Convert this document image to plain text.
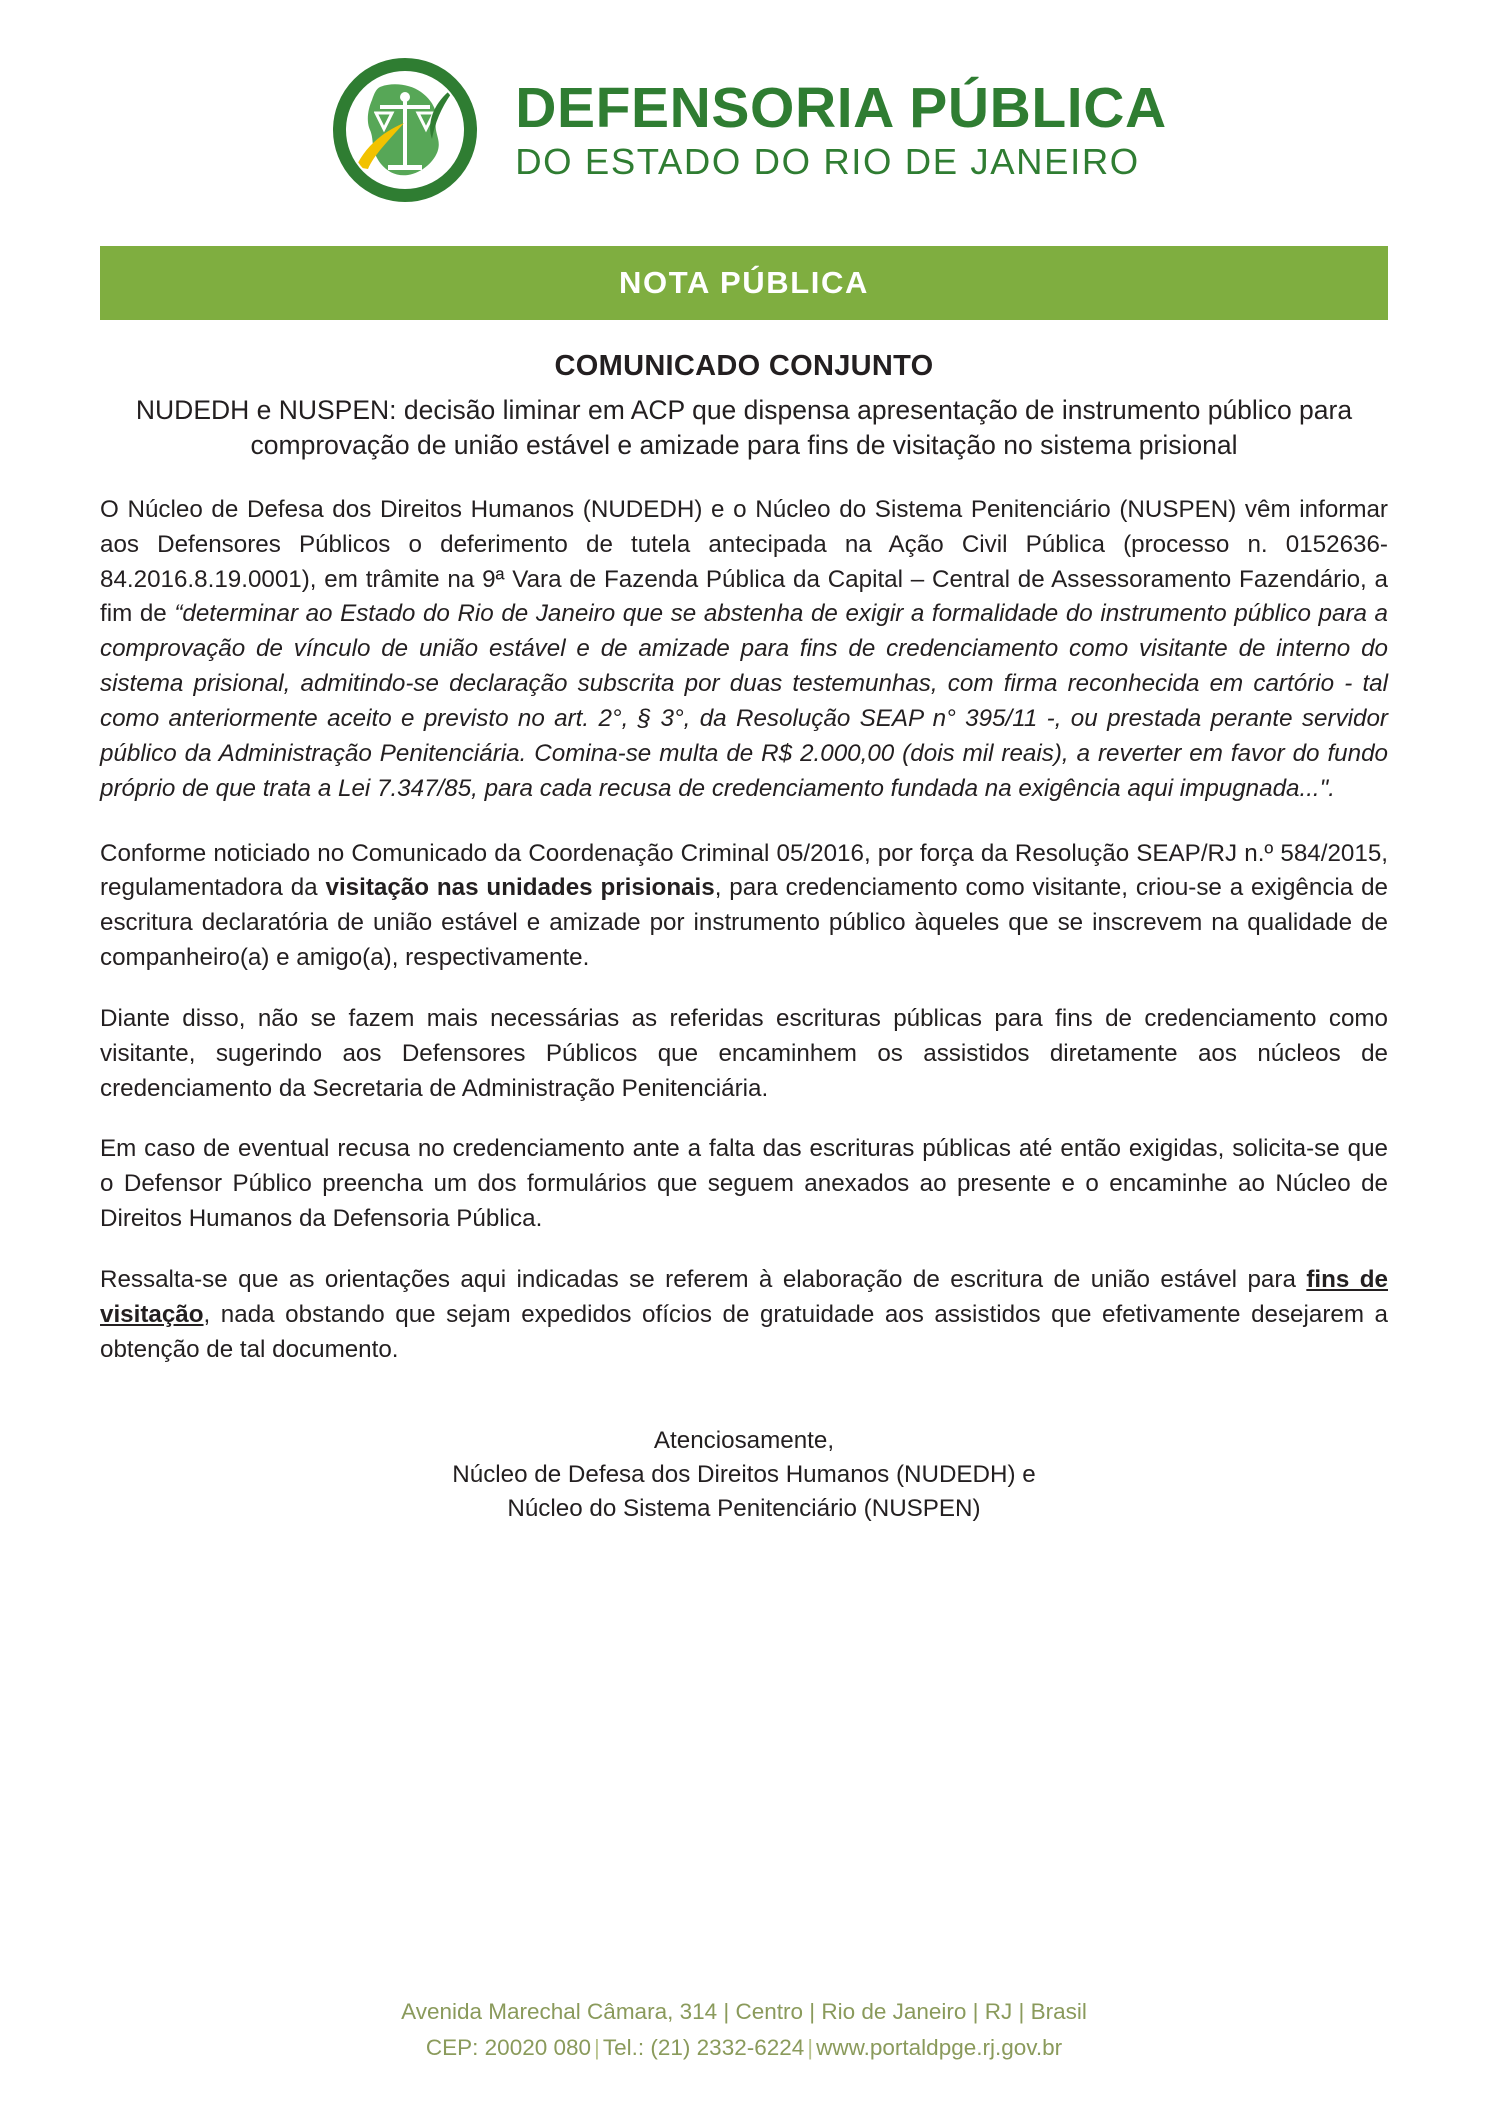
DEFENSORIA PÚBLICA
DO ESTADO DO RIO DE JANEIRO
NOTA PÚBLICA
COMUNICADO CONJUNTO
NUDEDH e NUSPEN: decisão liminar em ACP que dispensa apresentação de instrumento público para comprovação de união estável e amizade para fins de visitação no sistema prisional

O Núcleo de Defesa dos Direitos Humanos (NUDEDH) e o Núcleo do Sistema Penitenciário (NUSPEN) vêm informar aos Defensores Públicos o deferimento de tutela antecipada na Ação Civil Pública (processo n. 0152636-84.2016.8.19.0001), em trâmite na 9ª Vara de Fazenda Pública da Capital – Central de Assessoramento Fazendário, a fim de “determinar ao Estado do Rio de Janeiro que se abstenha de exigir a formalidade do instrumento público para a comprovação de vínculo de união estável e de amizade para fins de credenciamento como visitante de interno do sistema prisional, admitindo-se declaração subscrita por duas testemunhas, com firma reconhecida em cartório - tal como anteriormente aceito e previsto no art. 2°, § 3°, da Resolução SEAP n° 395/11 -, ou prestada perante servidor público da Administração Penitenciária. Comina-se multa de R$ 2.000,00 (dois mil reais), a reverter em favor do fundo próprio de que trata a Lei 7.347/85, para cada recusa de credenciamento fundada na exigência aqui impugnada...".

Conforme noticiado no Comunicado da Coordenação Criminal 05/2016, por força da Resolução SEAP/RJ n.º 584/2015, regulamentadora da visitação nas unidades prisionais, para credenciamento como visitante, criou-se a exigência de escritura declaratória de união estável e amizade por instrumento público àqueles que se inscrevem na qualidade de companheiro(a) e amigo(a), respectivamente.

Diante disso, não se fazem mais necessárias as referidas escrituras públicas para fins de credenciamento como visitante, sugerindo aos Defensores Públicos que encaminhem os assistidos diretamente aos núcleos de credenciamento da Secretaria de Administração Penitenciária.

Em caso de eventual recusa no credenciamento ante a falta das escrituras públicas até então exigidas, solicita-se que o Defensor Público preencha um dos formulários que seguem anexados ao presente e o encaminhe ao Núcleo de Direitos Humanos da Defensoria Pública.

Ressalta-se que as orientações aqui indicadas se referem à elaboração de escritura de união estável para fins de visitação, nada obstando que sejam expedidos ofícios de gratuidade aos assistidos que efetivamente desejarem a obtenção de tal documento.

Atenciosamente,
Núcleo de Defesa dos Direitos Humanos (NUDEDH) e
Núcleo do Sistema Penitenciário (NUSPEN)
Avenida Marechal Câmara, 314 | Centro | Rio de Janeiro | RJ | Brasil
CEP: 20020 080 | Tel.: (21) 2332-6224 | www.portaldpge.rj.gov.br
